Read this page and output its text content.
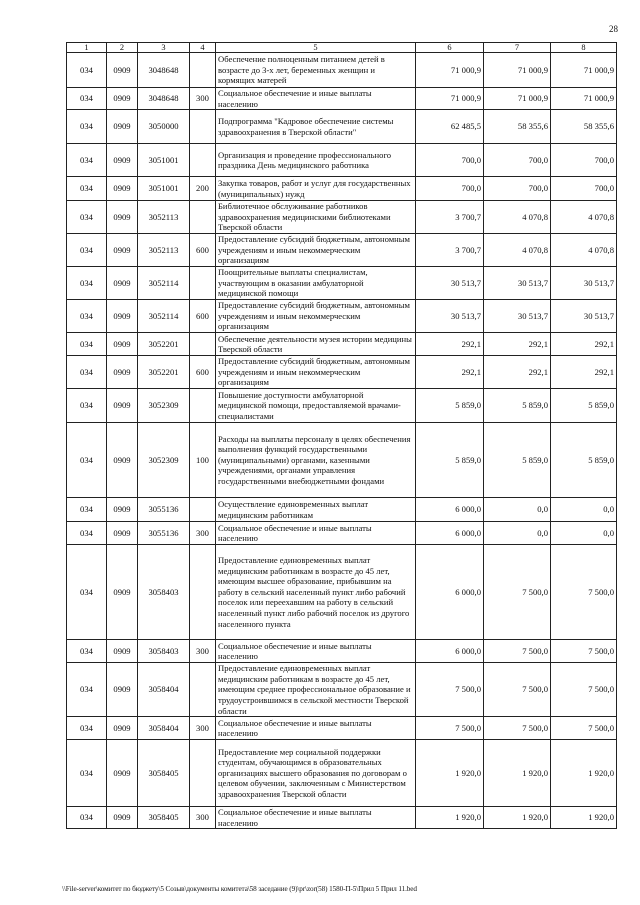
28
1	2	3	4	5	6	7	8
034	0909	3048648		Обеспечение полноценным питанием детей в возрасте до 3-х лет, беременных женщин и кормящих матерей	71 000,9	71 000,9	71 000,9
034	0909	3048648	300	Социальное обеспечение и иные выплаты населению	71 000,9	71 000,9	71 000,9
034	0909	3050000		Подпрограмма "Кадровое обеспечение системы здравоохранения в Тверской области"	62 485,5	58 355,6	58 355,6
034	0909	3051001		Организация и проведение профессионального праздника День медицинского работника	700,0	700,0	700,0
034	0909	3051001	200	Закупка товаров, работ и услуг для государственных (муниципальных) нужд	700,0	700,0	700,0
034	0909	3052113		Библиотечное обслуживание работников здравоохранения медицинскими библиотеками Тверской области	3 700,7	4 070,8	4 070,8
034	0909	3052113	600	Предоставление субсидий бюджетным, автономным учреждениям и иным некоммерческим организациям	3 700,7	4 070,8	4 070,8
034	0909	3052114		Поощрительные выплаты специалистам, участвующим в оказании амбулаторной медицинской помощи	30 513,7	30 513,7	30 513,7
034	0909	3052114	600	Предоставление субсидий бюджетным, автономным учреждениям и иным некоммерческим организациям	30 513,7	30 513,7	30 513,7
034	0909	3052201		Обеспечение деятельности музея истории медицины Тверской области	292,1	292,1	292,1
034	0909	3052201	600	Предоставление субсидий бюджетным, автономным учреждениям и иным некоммерческим организациям	292,1	292,1	292,1
034	0909	3052309		Повышение доступности амбулаторной медицинской помощи, предоставляемой врачами-специалистами	5 859,0	5 859,0	5 859,0
034	0909	3052309	100	Расходы на выплаты персоналу в целях обеспечения выполнения функций государственными (муниципальными) органами, казенными учреждениями, органами управления государственными внебюджетными фондами	5 859,0	5 859,0	5 859,0
034	0909	3055136		Осуществление единовременных выплат медицинским работникам	6 000,0	0,0	0,0
034	0909	3055136	300	Социальное обеспечение и иные выплаты населению	6 000,0	0,0	0,0
034	0909	3058403		Предоставление единовременных выплат медицинским работникам в возрасте до 45 лет, имеющим высшее образование, прибывшим на работу в сельский населенный пункт либо рабочий поселок или переехавшим на работу в сельский населенный пункт либо рабочий поселок из другого населенного пункта	6 000,0	7 500,0	7 500,0
034	0909	3058403	300	Социальное обеспечение и иные выплаты населению	6 000,0	7 500,0	7 500,0
034	0909	3058404		Предоставление единовременных выплат медицинским работникам в возрасте до 45 лет, имеющим среднее профессиональное образование и трудоустроившимся в сельской местности Тверской области	7 500,0	7 500,0	7 500,0
034	0909	3058404	300	Социальное обеспечение и иные выплаты населению	7 500,0	7 500,0	7 500,0
034	0909	3058405		Предоставление мер социальной поддержки студентам, обучающимся в образовательных организациях высшего образования по договорам о целевом обучении, заключенным с Министерством здравоохранения Тверской области	1 920,0	1 920,0	1 920,0
034	0909	3058405	300	Социальное обеспечение и иные выплаты населению	1 920,0	1 920,0	1 920,0
\\File-server\комитет по бюджету\5 Созыв\документы комитета\58 заседание (9)\pr\zor(58) 1580-П-5\Прил 5 Прил 11.bed
